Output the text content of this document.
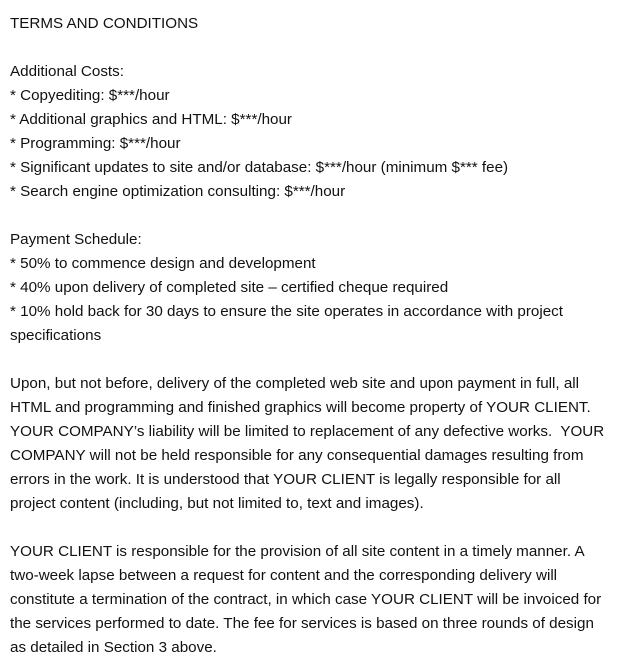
TERMS AND CONDITIONS

Additional Costs:

* Copyediting: $***/hour
* Additional graphics and HTML: $***/hour
* Programming: $***/hour
* Significant updates to site and/or database: $***/hour (minimum $*** fee)
* Search engine optimization consulting: $***/hour

Payment Schedule:

* 50% to commence design and development
* 40% upon delivery of completed site – certified cheque required
* 10% hold back for 30 days to ensure the site operates in accordance with project specifications

Upon, but not before, delivery of the completed web site and upon payment in full, all HTML and programming and finished graphics will become property of YOUR CLIENT. YOUR COMPANY’s liability will be limited to replacement of any defective works.  YOUR COMPANY will not be held responsible for any consequential damages resulting from errors in the work. It is understood that YOUR CLIENT is legally responsible for all project content (including, but not limited to, text and images).

YOUR CLIENT is responsible for the provision of all site content in a timely manner. A two-week lapse between a request for content and the corresponding delivery will constitute a termination of the contract, in which case YOUR CLIENT will be invoiced for the services performed to date. The fee for services is based on three rounds of design as detailed in Section 3 above.
